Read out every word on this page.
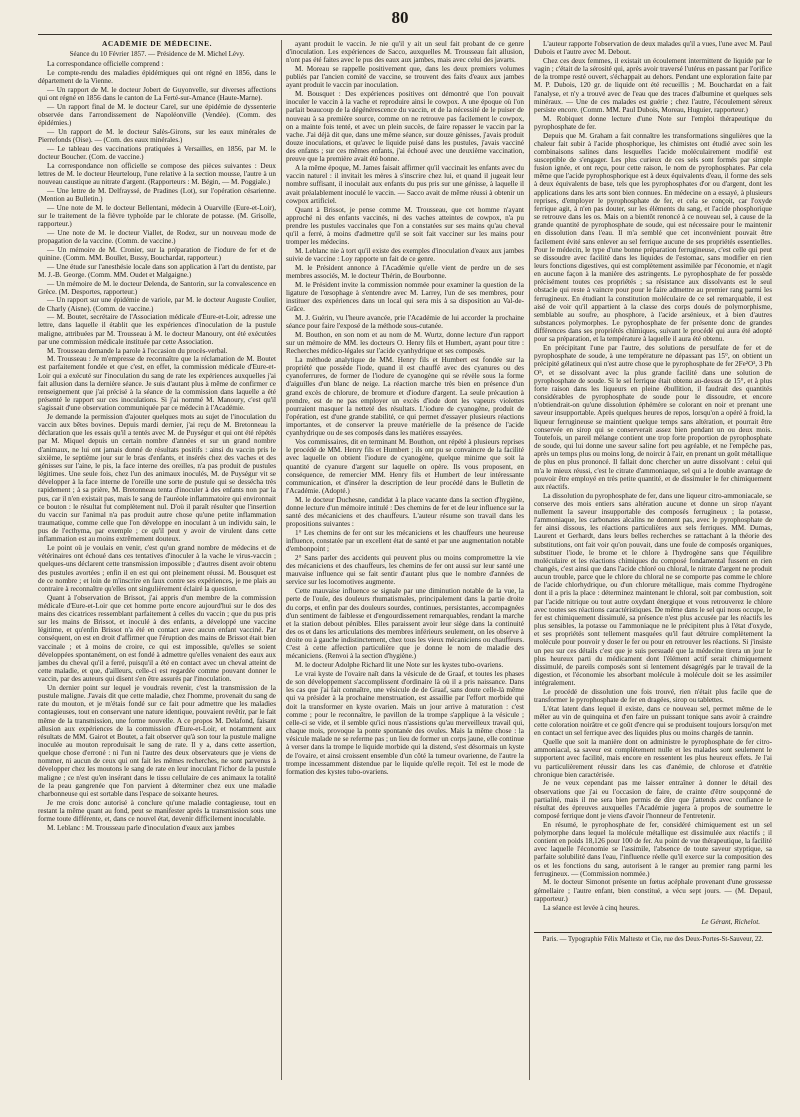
80
ACADÉMIE DE MÉDECINE.
Séance du 10 Février 1857. — Présidence de M. Michel Lévy.

La correspondance officielle comprend :

Le compte-rendu des maladies épidémiques qui ont régné en 1856, dans le département de la Vienne.

— Un rapport de M. le docteur Jobert de Guyonvelle, sur diverses affections qui ont régné en 1856 dans le canton de La Ferté-sur-Amance (Haute-Marne).

— Un rapport final de M. le docteur Carel, sur une épidémie de dyssenterie observée dans l'arrondissement de Napoléonville (Vendée). (Comm. des épidémies.)

— Un rapport de M. le docteur Salès-Girons, sur les eaux minérales de Pierrefonds (Oise). — (Com. des eaux minérales.)

— Le tableau des vaccinations pratiquées à Versailles, en 1856, par M. le docteur Boucher. (Com. de vaccine.)

La correspondance non officielle se compose des pièces suivantes : Deux lettres de M. le docteur Heurteloup, l'une relative à la section mousse, l'autre à un nouveau caustique au nitrate d'argent. (Rapporteurs : M. Bégin, — M. Poggiale.)

— Une lettre de M. Delfrayssé, de Pradines (Lot), sur l'opération césarienne. (Mention au Bulletin.)

— Une note de M. le docteur Bellentani, médecin à Ouarville (Eure-et-Loir), sur le traitement de la fièvre typhoïde par le chlorate de potasse. (M. Grisolle, rapporteur.)

— Une note de M. le docteur Viallet, de Rodez, sur un nouveau mode de propagation de la vaccine. (Comm. de vaccine.)

— Un mémoire de M. Cronier, sur la préparation de l'iodure de fer et de quinine. (Comm. MM. Boullet, Bussy, Bouchardat, rapporteur.)

— Une étude sur l'anesthésie locale dans son application à l'art du dentiste, par M. J.-B. George. (Comm. MM. Oudet et Malgaigne.)

— Un mémoire de M. le docteur Delenda, de Santorin, sur la convalescence en Grèce. (M. Desportes, rapporteur.)

— Un rapport sur une épidémie de variole, par M. le docteur Auguste Coulier, de Charly (Aisne). (Comm. de vaccine.)

— M. Boutet, secrétaire de l'Association médicale d'Eure-et-Loir, adresse une lettre, dans laquelle il établit que les expériences d'inoculation de la pustule maligne, attribuées par M. Trousseau à M. le docteur Manoury, ont été exécutées par une commission médicale instituée par cette Association.

M. Trousseau demande la parole à l'occasion du procès-verbal.

M. Trousseau : Je m'empresse de reconnaître que la réclamation de M. Boutet est parfaitement fondée et que c'est, en effet, la commission médicale d'Eure-et-Loir qui a exécuté sur l'inoculation du sang de rate les expériences auxquelles j'ai fait allusion dans la dernière séance. Je suis d'autant plus à même de confirmer ce renseignement que j'ai précisé à la séance de la commission dans laquelle a été présenté le rapport sur ces inoculations. Si j'ai nommé M. Manoury, c'est qu'il s'agissait d'une observation communiquée par ce médecin à l'Académie.

Je demande la permission d'ajouter quelques mots au sujet de l'inoculation du vaccin aux bêtes bovines. Depuis mardi dernier, j'ai reçu de M. Bretonneau la déclaration que les essais qu'il a tentés avec M. de Puységur et qui ont été répétés par M. Miquel depuis un certain nombre d'années et sur un grand nombre d'animaux, ne lui ont jamais donné de résultats positifs : ainsi du vaccin pris le sixième, le septième jour sur le bras d'enfants, et insérés chez des vaches et des génisses sur l'aine, le pis, la face interne des oreilles, n'a pas produit de pustules légitimes. Une seule fois, chez l'un des animaux inoculés, M. de Puységur vit se développer à la face interne de l'oreille une sorte de pustule qui se dessécha très rapidement ; à sa prière, M. Bretonneau tenta d'inoculer à des enfants non par la pus, car il n'en existait pas, mais le sang de l'auréole inflammatoire qui environnait ce bouton : le résultat fut complètement nul. D'où il paraît résulter que l'insertion du vaccin sur l'animal n'a pas produit autre chose qu'une petite inflammation traumatique, comme celle que l'on développe en inoculant à un individu sain, le pus de l'ecthyma, par exemple ; ce qu'il peut y avoir de virulent dans cette inflammation est au moins extrêmement douteux.

Le point où je voulais en venir, c'est qu'un grand nombre de médecins et de vétérinaires ont échoué dans ces tentatives d'inoculer à la vache le virus-vaccin ; quelques-uns déclarent cette transmission impossible ; d'autres disent avoir obtenu des pustules avortées ; enfin il en est qui ont pleinement réussi. M. Bousquet est de ce nombre ; et loin de m'inscrire en faux contre ses expériences, je me plais au contraire à reconnaître qu'elles ont singulièrement éclairé la question.

Quant à l'observation de Brissot, j'ai appris d'un membre de la commission médicale d'Eure-et-Loir que cet homme porte encore aujourd'hui sur le dos des mains des cicatrices ressemblant parfaitement à celles du vaccin ; que du pus pris sur les mains de Brissot, et inoculé à des enfants, a développé une vaccine légitime, et qu'enfin Brissot n'a été en contact avec aucun enfant vacciné. Par conséquent, on est en droit d'affirmer que l'éruption des mains de Brissot était bien vaccinale ; et à moins de croire, ce qui est impossible, qu'elles se soient développées spontanément, on est fondé à admettre qu'elles venaient des eaux aux jambes du cheval qu'il a ferré, puisqu'il a été en contact avec un cheval atteint de cette maladie, et que, d'ailleurs, celle-ci est regardée comme pouvant donner le vaccin, par des auteurs qui disent s'en être assurés par l'inoculation.

Un dernier point sur lequel je voudrais revenir, c'est la transmission de la pustule maligne. J'avais dit que cette maladie, chez l'homme, provenait du sang de rate du mouton, et je m'étais fondé sur ce fait pour admettre que les maladies contagieuses, tout en conservant une nature identique, pouvaient revêtir, par le fait même de la transmission, une forme nouvelle. A ce propos M. Delafond, faisant allusion aux expériences de la commission d'Eure-et-Loir, et notamment aux résultats de MM. Gairot et Boutet, a fait observer qu'à son tour la pustule maligne inoculée au mouton reproduisait le sang de rate. Il y a, dans cette assertion, quelque chose d'erroné : ni l'un ni l'autre des deux observateurs que je viens de nommer, ni aucun de ceux qui ont fait les mêmes recherches, ne sont parvenus à développer chez les moutons le sang de rate en leur inoculant l'ichor de la pustule maligne ; ce n'est qu'en insérant dans le tissu cellulaire de ces animaux la totalité de la peau gangrenée que l'on parvient à déterminer chez eux une maladie charbonneuse qui est sortable dans l'espace de soixante heures.

Je me crois donc autorisé à conclure qu'une maladie contagieuse, tout en restant la même quant au fond, peut se manifester après la transmission sous une forme toute différente, et, dans ce nouvel état, devenir difficilement inoculable.

M. Leblanc : M. Trousseau parle d'inoculation d'eaux aux jambes

ayant produit le vaccin. Je nie qu'il y ait un seul fait probant de ce genre d'inoculation. Les expériences de Sacco, auxquelles M. Trousseau fait allusion, n'ont pas été faites avec le pus des eaux aux jambes, mais avec celui des javarts.

M. Moreau se rappelle positivement que, dans les deux premiers volumes publiés par l'ancien comité de vaccine, se trouvent des faits d'eaux aux jambes ayant produit le vaccin par inoculation.

M. Bousquet : Des expériences positives ont démontré que l'on pouvait inoculer le vaccin à la vache et reproduire ainsi le cowpox. A une époque où l'on parlait beaucoup de la dégénérescence du vaccin, et de la nécessité de le puiser de nouveau à sa première source, comme on ne retrouve pas facilement le cowpox, on a mainte fois tenté, et avec un plein succès, de faire repasser le vaccin par la vache. J'ai déjà dit que, dans une même séance, sur douze génisses, j'avais produit douze inoculations, et qu'avec le liquide puisé dans les pustules, j'avais vacciné des enfants ; sur ces mêmes enfants, j'ai échoué avec une deuxième vaccination, preuve que la première avait été bonne.

A la même époque, M. James faisait affirmer qu'il vaccinait les enfants avec du vaccin naturel : il invitait les mères à s'inscrire chez lui, et quand il jugeait leur nombre suffisant, il inoculait aux enfants du pus pris sur une génisse, à laquelle il avait préalablement inoculé le vaccin. — Sacco avait de même réussi à obtenir un cowpox artificiel.

Quant à Brissot, je pense comme M. Trousseau, que cet homme n'ayant approché ni des enfants vaccinés, ni des vaches atteintes de cowpox, n'a pu prendre les pustules vaccinales que l'on a constatées sur ses mains qu'au cheval qu'il a ferré, à moins d'admettre qu'il se soit fait vacciner sur les mains pour tromper les médecins.

M. Leblanc nie à tort qu'il existe des exemples d'inoculation d'eaux aux jambes suivie de vaccine : Loy rapporte un fait de ce genre.

M. le Président annonce à l'Académie qu'elle vient de perdre un de ses membres associés, M. le docteur Thérin, de Bourbonne.

M. le Président invite la commission nommée pour examiner la question de la ligature de l'œsophage à s'entendre avec M. Larrey, l'un de ses membres, pour instituer des expériences dans un local qui sera mis à sa disposition au Val-de-Grâce.

M. J. Guérin, vu l'heure avancée, prie l'Académie de lui accorder la prochaine séance pour faire l'exposé de la méthode sous-cutanée.

M. Bouthon, en son nom et au nom de M. Wurtz, donne lecture d'un rapport sur un mémoire de MM. les docteurs O. Henry fils et Humbert, ayant pour titre : Recherches médico-légales sur l'acide cyanhydrique et ses composés.

La méthode analytique de MM. Henry fils et Humbert est fondée sur la propriété que possède l'iode, quand il est chauffé avec des cyanures ou des cyanoferrures, de former de l'iodure de cyanogène qui se révèle sous la forme d'aiguilles d'un blanc de neige. La réaction marche très bien en présence d'un grand excès de chlorure, de bromure et d'iodure d'argent. La seule précaution à prendre, est de ne pas employer un excès d'iode dont les vapeurs violettes pourraient masquer la netteté des résultats. L'iodure de cyanogène, produit de l'opération, est d'une grande stabilité, ce qui permet d'essayer plusieurs réactions importantes, et de conserver la preuve matérielle de la présence de l'acide cyanhydrique ou de ses composés dans les matières essayées.

Vos commissaires, dit en terminant M. Bouthon, ont répété à plusieurs reprises le procédé de MM. Henry fils et Humbert ; ils ont pu se convaincre de la facilité avec laquelle on obtient l'iodure de cyanogène, quelque minime que soit la quantité de cyanure d'argent sur laquelle on opère. Ils vous proposent, en conséquence, de remercier MM. Henry fils et Humbert de leur intéressante communication, et d'insérer la description de leur procédé dans le Bulletin de l'Académie. (Adopté.)

M. le docteur Duchesne, candidat à la place vacante dans la section d'hygiène, donne lecture d'un mémoire intitulé : Des chemins de fer et de leur influence sur la santé des mécaniciens et des chauffeurs. L'auteur résume son travail dans les propositions suivantes :

1° Les chemins de fer ont sur les mécaniciens et les chauffeurs une heureuse influence, constatée par un excellent état de santé et par une augmentation notable d'embonpoint ;

2° Sans parler des accidents qui peuvent plus ou moins compromettre la vie des mécaniciens et des chauffeurs, les chemins de fer ont aussi sur leur santé une mauvaise influence qui se fait sentir d'autant plus que le nombre d'années de service sur les locomotives augmente.

Cette mauvaise influence se signale par une diminution notable de la vue, la perte de l'ouïe, des douleurs rhumatismales, principalement dans la partie droite du corps, et enfin par des douleurs sourdes, continues, persistantes, accompagnées d'un sentiment de faiblesse et d'engourdissement remarquables, rendant la marche et la station debout pénibles. Elles paraissent avoir leur siège dans la continuité des os et dans les articulations des membres inférieurs seulement, on les observe à droite ou à gauche indistinctement, chez tous les vieux mécaniciens ou chauffeurs. C'est à cette affection particulière que je donne le nom de maladie des mécaniciens. (Renvoi à la section d'hygiène.)

M. le docteur Adolphe Richard lit une Note sur les kystes tubo-ovariens.

Le vrai kyste de l'ovaire naît dans la vésicule de de Graaf, et toutes les phases de son développement s'accomplissent d'ordinaire là où il a pris naissance. Dans les cas que j'ai fait connaître, une vésicule de de Graaf, sans doute celle-là même qui va présider à la prochaine menstruation, est assaillie par l'effort morbide qui doit la transformer en kyste ovarien. Mais un jour arrive à maturation : c'est comme ; pour le reconnaître, le pavillon de la trompe s'applique à la vésicule ; celle-ci se vide, et il semble qu'ici nous n'assistions qu'au merveilleux travail qui, chaque mois, provoque la ponte spontanée des ovules. Mais la même chose : la vésicule malade ne se referme pas ; un lieu de former un corps jaune, elle continue à verser dans la trompe le liquide morbide qui la distend, s'est désormais un kyste de l'ovaire, et ainsi croissent ensemble d'un côté la tumeur ovarienne, de l'autre la trompe incessamment distendue par le liquide qu'elle reçoit. Tel est le mode de formation des kystes tubo-ovariens.

L'auteur rapporte l'observation de deux malades qu'il a vues, l'une avec M. Paul Dubois et l'autre avec M. Debout.

Chez ces deux femmes, il existait un écoulement intermittent de liquide par le vagin ; c'était de la sérosité qui, après avoir traversé l'utérus en passant par l'orifice de la trompe resté ouvert, s'échappait au dehors. Pendant une exploration faite par M. P. Dubois, 120 gr. de liquide ont été recueillis ; M. Bouchardat en a fait l'analyse, et n'y a trouvé avec de l'eau que des traces d'albumine et quelques sels minéraux. — Une de ces malades est guérie ; chez l'autre, l'écoulement séreux persiste encore. (Comm. MM. Paul Dubois, Moreau, Huguier, rapporteur.)

M. Robiquet donne lecture d'une Note sur l'emploi thérapeutique du pyrophosphate de fer.

Depuis que M. Graham a fait connaître les transformations singulières que la chaleur fait subir à l'acide phosphorique, les chimistes ont étudié avec soin les combinaisons salines dans lesquelles l'acide moléculairement modifié est susceptible de s'engager. Les plus curieux de ces sels sont formés par simple fusion ignée, et ont reçu, pour cette raison, le nom de pyrophosphates. Par cela même que l'acide pyrophosphorique est à deux équivalents d'eau, il forme des sels à deux équivalents de base, tels que les pyrophosphates d'or ou d'argent, dont les applications dans les arts sont bien connues. En médecine on a essayé, à plusieurs reprises, d'employer le pyrophosphate de fer, et cela se conçoit, car l'oxyde ferrique agit, à n'en pas douter, sur les éléments du sang, et l'acide phosphorique se retrouve dans les os. Mais on a bientôt renoncé à ce nouveau sel, à cause de la grande quantité de pyrophosphate de soude, qui est nécessaire pour le maintenir en dissolution dans l'eau. Il m'a semblé que cet inconvénient pouvait être facilement évité sans enlever au sel ferrique aucune de ses propriétés essentielles. Pour le médecin, le type d'une bonne préparation ferrugineuse, c'est celle qui peut se dissoudre avec facilité dans les liquides de l'estomac, sans modifier en rien leurs fonctions digestives, qui est complètement assimilée par l'économie, et n'agit en aucune façon à la manière des astringents. Le pyrophosphate de fer possède précisément toutes ces propriétés ; sa résistance aux dissolvants est le seul obstacle qui reste à vaincre pour pour le faire admettre au premier rang parmi les ferrugineux. En étudiant la constitution moléculaire de ce sel remarquable, il est aisé de voir qu'il appartient à la classe des corps doués de polymorphisme, semblable au soufre, au phosphore, à l'acide arsénieux, et à bien d'autres substances polymorphes. Le pyrophosphate de fer présente donc de grandes différences dans ses propriétés chimiques, suivant le procédé qui aura été adopté pour sa préparation, et la température à laquelle il aura été obtenu.

En précipitant l'une par l'autre, des solutions de persulfate de fer et de pyrophosphate de soude, à une température ne dépassant pas 15°, on obtient un précipité gélatineux qui n'est autre chose que le pyrophosphate de fer 2Fe²O³, 3 Ph O⁵, et se dissolvant avec la plus grande facilité dans une solution de pyrophosphate de soude. Si le sel ferrique était obtenu au-dessus de 15°, et à plus forte raison dans les liqueurs en pleine ébullition, il faudrait des quantités considérables de pyrophosphate de soude pour le dissoudre, et encore n'obtiendrait-on qu'une dissolution éphémère se colorant en noir et prenant une saveur insupportable. Après quelques heures de repos, lorsqu'on a opéré à froid, la liqueur ferrugineuse se maintient quelque temps sans altération, et pourrait être conservée en sirop qui se conserverait assez bien pendant un ou deux mois. Toutefois, un pareil mélange contient une trop forte proportion de pyrophosphate de soude, qui lui donne une saveur saline fort peu agréable, et ne l'empêche pas, après un temps plus ou moins long, de noircir à l'air, en prenant un goût métallique de plus en plus prononcé. Il fallait donc chercher un autre dissolvant : celui qui m'a le mieux réussi, c'est le citrate d'ammoniaque, sel qui a le double avantage de pouvoir être employé en très petite quantité, et de dissimuler le fer chimiquement aux réactifs.

La dissolution du pyrophosphate de fer, dans une liqueur citro-ammoniacale, se conserve des mois entiers sans altération aucune et donne un sirop n'ayant nullement la saveur insupportable des composés ferrugineux ; la potasse, l'ammoniaque, les carbonates alcalins ne donnent pas, avec le pyrophosphate de fer ainsi dissous, les réactions particulières aux sels ferriques. MM. Dumas, Laurent et Gerhardt, dans leurs belles recherches se rattachant à la théorie des substitutions, ont fait voir qu'on pouvait, dans une foule de composés organiques, substituer l'iode, le brome et le chlore à l'hydrogène sans que l'équilibre moléculaire et les réactions chimiques du composé fondamental fussent en rien changés, c'est ainsi que dans l'acide chloré ou chloral, le nitrate d'argent ne produit aucun trouble, parce que le chlore du chloral ne se comporte pas comme le chlore de l'acide chlorhydrique, ou d'un chlorure métallique, mais comme l'hydrogène dont il a pris la place : déterminez maintenant le chloral, soit par combustion, soit par l'acide nitrique ou tout autre oxydant énergique et vous retrouverez le chlore avec toutes ses réactions caractéristiques. De même dans le sel qui nous occupe, le fer est chimiquement dissimulé, sa présence n'est plus accusée par les réactifs les plus sensibles, la potasse ou l'ammoniaque ne le précipitent plus à l'état d'oxyde, et ses propriétés sont tellement masquées qu'il faut détruire complètement la molécule pour pouvoir y doser le fer ou pour en retrouver les réactions. Si j'insiste un peu sur ces détails c'est que je suis persuadé que la médecine tirera un jour le plus heureux parti du médicament dont l'élément actif serait chimiquement dissimulé, de pareils composés sont si lentement désagrégés par le travail de la digestion, et l'économie les absorbant molécule à molécule doit se les assimiler intégralement.

Le procédé de dissolution une fois trouvé, rien n'était plus facile que de transformer le pyrophosphate de fer en dragées, sirop ou tablettes.

L'état latent dans lequel il existe, dans ce nouveau sel, permet même de le mêler au vin de quinquina et d'en faire un puissant tonique sans avoir à craindre cette coloration noirâtre et ce goût d'encre qui se produisent toujours lorsqu'on met en contact un sel ferrique avec des liquides plus ou moins chargés de tannin.

Quelle que soit la manière dont on administre le pyrophosphate de fer citro-ammoniacal, sa saveur est complètement nulle et les malades sont seulement le supportent avec facilité, mais encore en ressentent les plus heureux effets. Je l'ai vu particulièrement réussir dans les cas d'anémie, de chlorose et d'atrétie chronique bien caractérisée.

Je ne veux cependant pas me laisser entraîner à donner le détail des observations que j'ai eu l'occasion de faire, de crainte d'être soupçonné de partialité, mais il me sera bien permis de dire que j'attends avec confiance le résultat des épreuves auxquelles l'Académie jugera à propos de soumettre le composé ferrique dont je viens d'avoir l'honneur de l'entretenir.

En résumé, le pyrophosphate de fer, considéré chimiquement est un sel polymorphe dans lequel la molécule métallique est dissimulée aux réactifs ; il contient en poids 18,126 pour 100 de fer. Au point de vue thérapeutique, la facilité avec laquelle l'économie se l'assimile, l'absence de toute saveur styptique, sa parfaite solubilité dans l'eau, l'influence réelle qu'il exerce sur la composition des os et les fonctions du sang, autorisent à le ranger au premier rang parmi les ferrugineux. — (Commission nommée.)

M. le docteur Simonot présente un fœtus acéphale provenant d'une grossesse gémellaire ; l'autre enfant, bien constitué, a vécu sept jours. — (M. Depaul, rapporteur.)

La séance est levée à cinq heures.

Le Gérant, Richelot.
Paris. — Typographie Félix Malteste et Cie, rue des Deux-Portes-St-Sauveur, 22.
